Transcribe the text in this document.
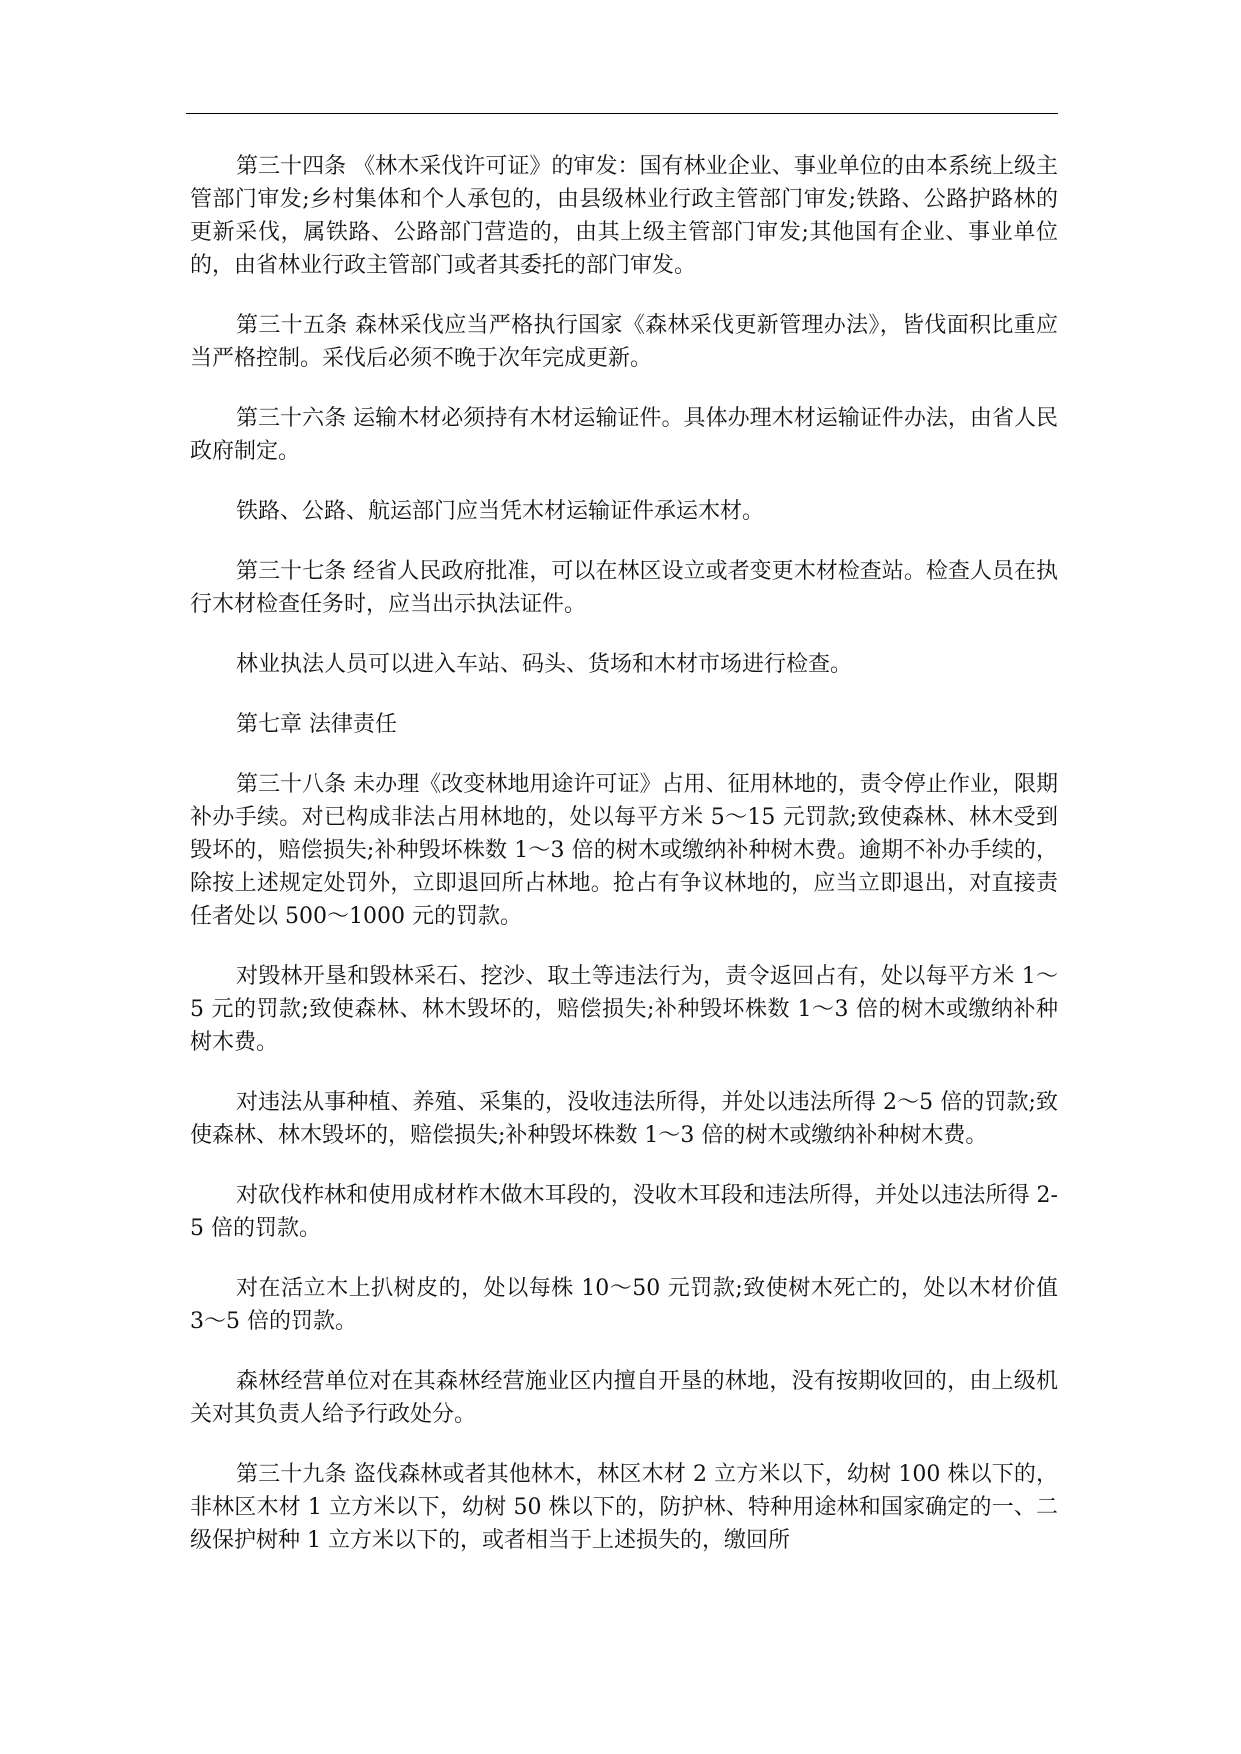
第三十四条 《林木采伐许可证》的审发：国有林业企业、事业单位的由本系统上级主管部门审发;乡村集体和个人承包的，由县级林业行政主管部门审发;铁路、公路护路林的更新采伐，属铁路、公路部门营造的，由其上级主管部门审发;其他国有企业、事业单位的，由省林业行政主管部门或者其委托的部门审发。

第三十五条 森林采伐应当严格执行国家《森林采伐更新管理办法》，皆伐面积比重应当严格控制。采伐后必须不晚于次年完成更新。

第三十六条 运输木材必须持有木材运输证件。具体办理木材运输证件办法，由省人民政府制定。

铁路、公路、航运部门应当凭木材运输证件承运木材。

第三十七条 经省人民政府批准，可以在林区设立或者变更木材检查站。检查人员在执行木材检查任务时，应当出示执法证件。

林业执法人员可以进入车站、码头、货场和木材市场进行检查。

第七章 法律责任

第三十八条 未办理《改变林地用途许可证》占用、征用林地的，责令停止作业，限期补办手续。对已构成非法占用林地的，处以每平方米 5～15 元罚款;致使森林、林木受到毁坏的，赔偿损失;补种毁坏株数 1～3 倍的树木或缴纳补种树木费。逾期不补办手续的，除按上述规定处罚外，立即退回所占林地。抢占有争议林地的，应当立即退出，对直接责任者处以 500～1000 元的罚款。

对毁林开垦和毁林采石、挖沙、取土等违法行为，责令返回占有，处以每平方米 1～5 元的罚款;致使森林、林木毁坏的，赔偿损失;补种毁坏株数 1～3 倍的树木或缴纳补种树木费。

对违法从事种植、养殖、采集的，没收违法所得，并处以违法所得 2～5 倍的罚款;致使森林、林木毁坏的，赔偿损失;补种毁坏株数 1～3 倍的树木或缴纳补种树木费。

对砍伐柞林和使用成材柞木做木耳段的，没收木耳段和违法所得，并处以违法所得 2-5 倍的罚款。

对在活立木上扒树皮的，处以每株 10～50 元罚款;致使树木死亡的，处以木材价值 3～5 倍的罚款。

森林经营单位对在其森林经营施业区内擅自开垦的林地，没有按期收回的，由上级机关对其负责人给予行政处分。

第三十九条 盗伐森林或者其他林木，林区木材 2 立方米以下，幼树 100 株以下的，非林区木材 1 立方米以下，幼树 50 株以下的，防护林、特种用途林和国家确定的一、二级保护树种 1 立方米以下的，或者相当于上述损失的，缴回所
